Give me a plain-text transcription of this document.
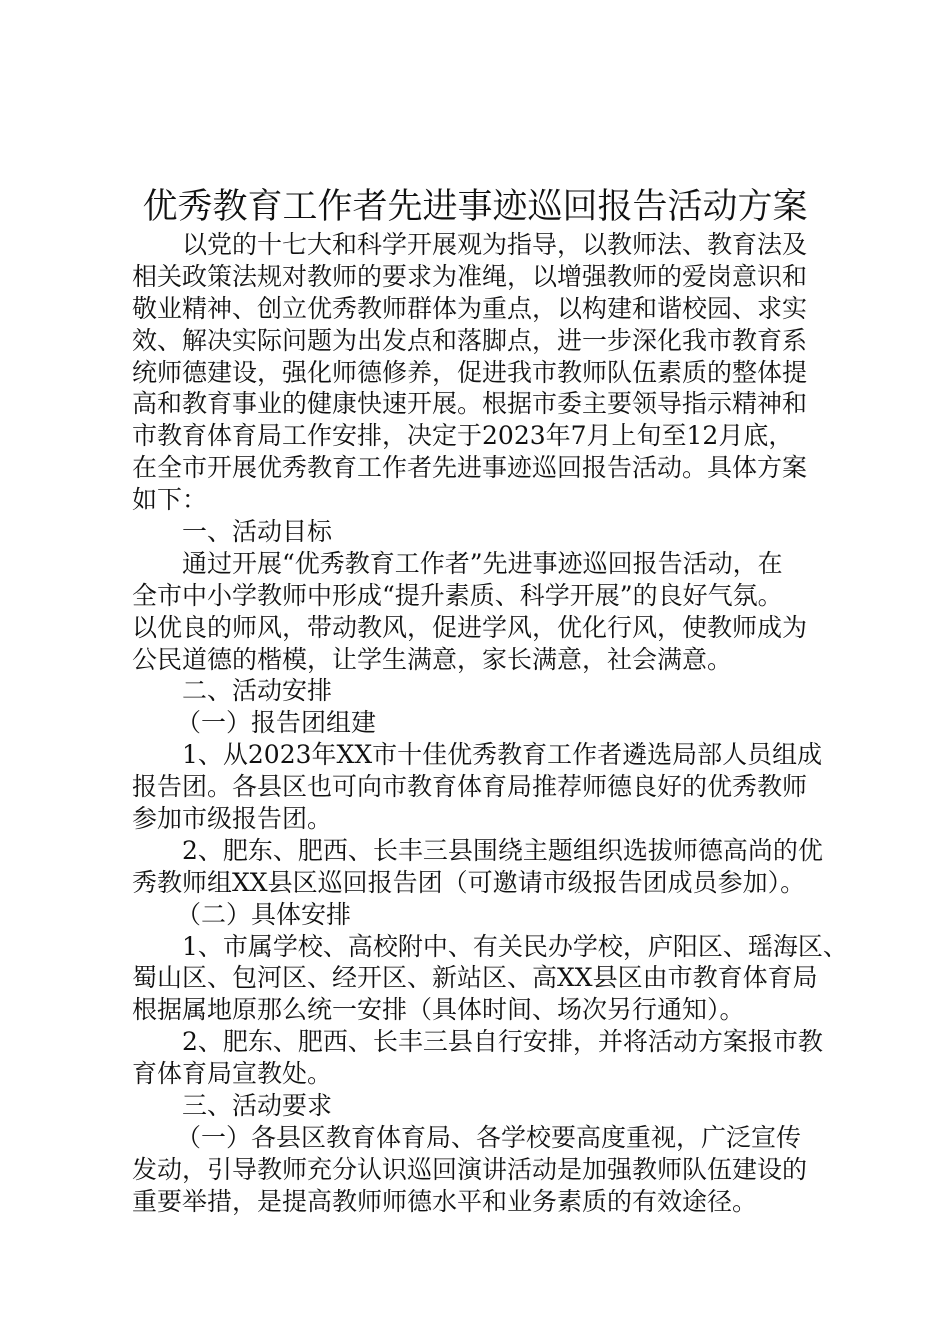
优秀教育工作者先进事迹巡回报告活动方案
以党的十七大和科学开展观为指导，以教师法、教育法及
相关政策法规对教师的要求为准绳，以增强教师的爱岗意识和
敬业精神、创立优秀教师群体为重点，以构建和谐校园、求实
效、解决实际问题为出发点和落脚点，进一步深化我市教育系
统师德建设，强化师德修养，促进我市教师队伍素质的整体提
高和教育事业的健康快速开展。根据市委主要领导指示精神和
市教育体育局工作安排，决定于2023年7月上旬至12月底，
在全市开展优秀教育工作者先进事迹巡回报告活动。具体方案
如下：
一、活动目标
通过开展“优秀教育工作者”先进事迹巡回报告活动，在
全市中小学教师中形成“提升素质、科学开展”的良好气氛。
以优良的师风，带动教风，促进学风，优化行风，使教师成为
公民道德的楷模，让学生满意，家长满意，社会满意。
二、活动安排
（一）报告团组建
1、从2023年XX市十佳优秀教育工作者遴选局部人员组成
报告团。各县区也可向市教育体育局推荐师德良好的优秀教师
参加市级报告团。
2、肥东、肥西、长丰三县围绕主题组织选拔师德高尚的优
秀教师组XX县区巡回报告团（可邀请市级报告团成员参加）。
（二）具体安排
1、市属学校、高校附中、有关民办学校，庐阳区、瑶海区、
蜀山区、包河区、经开区、新站区、高XX县区由市教育体育局
根据属地原那么统一安排（具体时间、场次另行通知）。
2、肥东、肥西、长丰三县自行安排，并将活动方案报市教
育体育局宣教处。
三、活动要求
（一）各县区教育体育局、各学校要高度重视，广泛宣传
发动，引导教师充分认识巡回演讲活动是加强教师队伍建设的
重要举措，是提高教师师德水平和业务素质的有效途径。
